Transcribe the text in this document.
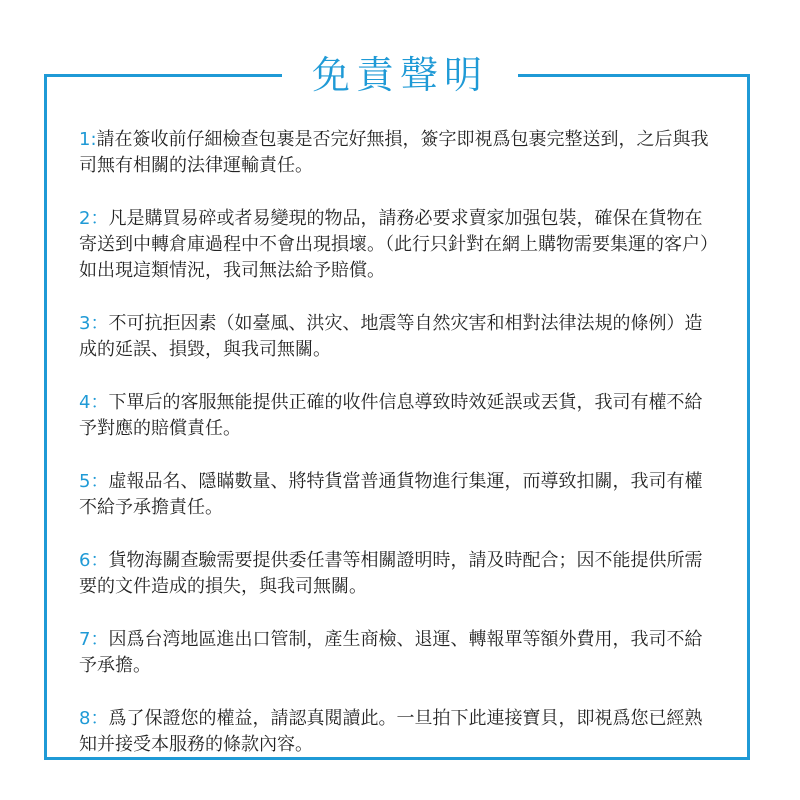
免責聲明

1:請在簽收前仔細檢查包裹是否完好無損，簽字即視爲包裹完整送到，之后與我司無有相關的法律運輸責任。

2：凡是購買易碎或者易變現的物品，請務必要求賣家加强包裝，確保在貨物在寄送到中轉倉庫過程中不會出現損壞。（此行只針對在網上購物需要集運的客户）如出現這類情況，我司無法給予賠償。

3：不可抗拒因素（如臺風、洪灾、地震等自然灾害和相對法律法規的條例）造成的延誤、損毀，與我司無關。

4：下單后的客服無能提供正確的收件信息導致時效延誤或丟貨，我司有權不給予對應的賠償責任。

5：虛報品名、隱瞞數量、將特貨當普通貨物進行集運，而導致扣關，我司有權不給予承擔責任。

6：貨物海關查驗需要提供委任書等相關證明時，請及時配合；因不能提供所需要的文件造成的損失，與我司無關。

7：因爲台湾地區進出口管制，產生商檢、退運、轉報單等額外費用，我司不給予承擔。

8：爲了保證您的權益，請認真閱讀此。一旦拍下此連接寶貝，即視爲您已經熟知并接受本服務的條款內容。
